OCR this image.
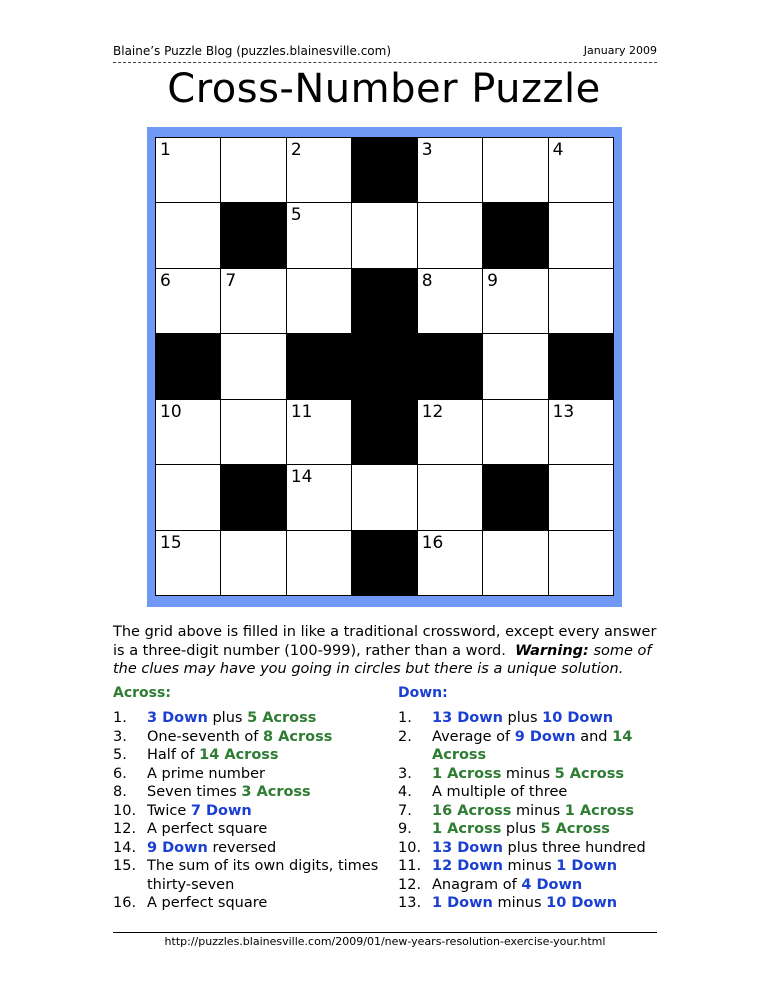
Blaine’s Puzzle Blog (puzzles.blainesville.com)	January 2009
Cross-Number Puzzle
1	2	3	4
5
6	7	8	9
10	11	12	13
14
15	16
The grid above is filled in like a traditional crossword, except every answer is a three-digit number (100-999), rather than a word. Warning: some of the clues may have you going in circles but there is a unique solution.
Across:	Down:
1.	3 Down plus 5 Across
3.	One-seventh of 8 Across
5.	Half of 14 Across
6.	A prime number
8.	Seven times 3 Across
10. Twice 7 Down
12. A perfect square
14. 9 Down reversed
15. The sum of its own digits, times thirty-seven
16. A perfect square
1.	13 Down plus 10 Down
2.	Average of 9 Down and 14 Across
3.	1 Across minus 5 Across
4.	A multiple of three
7.	16 Across minus 1 Across
9.	1 Across plus 5 Across
10. 13 Down plus three hundred
11. 12 Down minus 1 Down
12. Anagram of 4 Down
13. 1 Down minus 10 Down
http://puzzles.blainesville.com/2009/01/new-years-resolution-exercise-your.html
